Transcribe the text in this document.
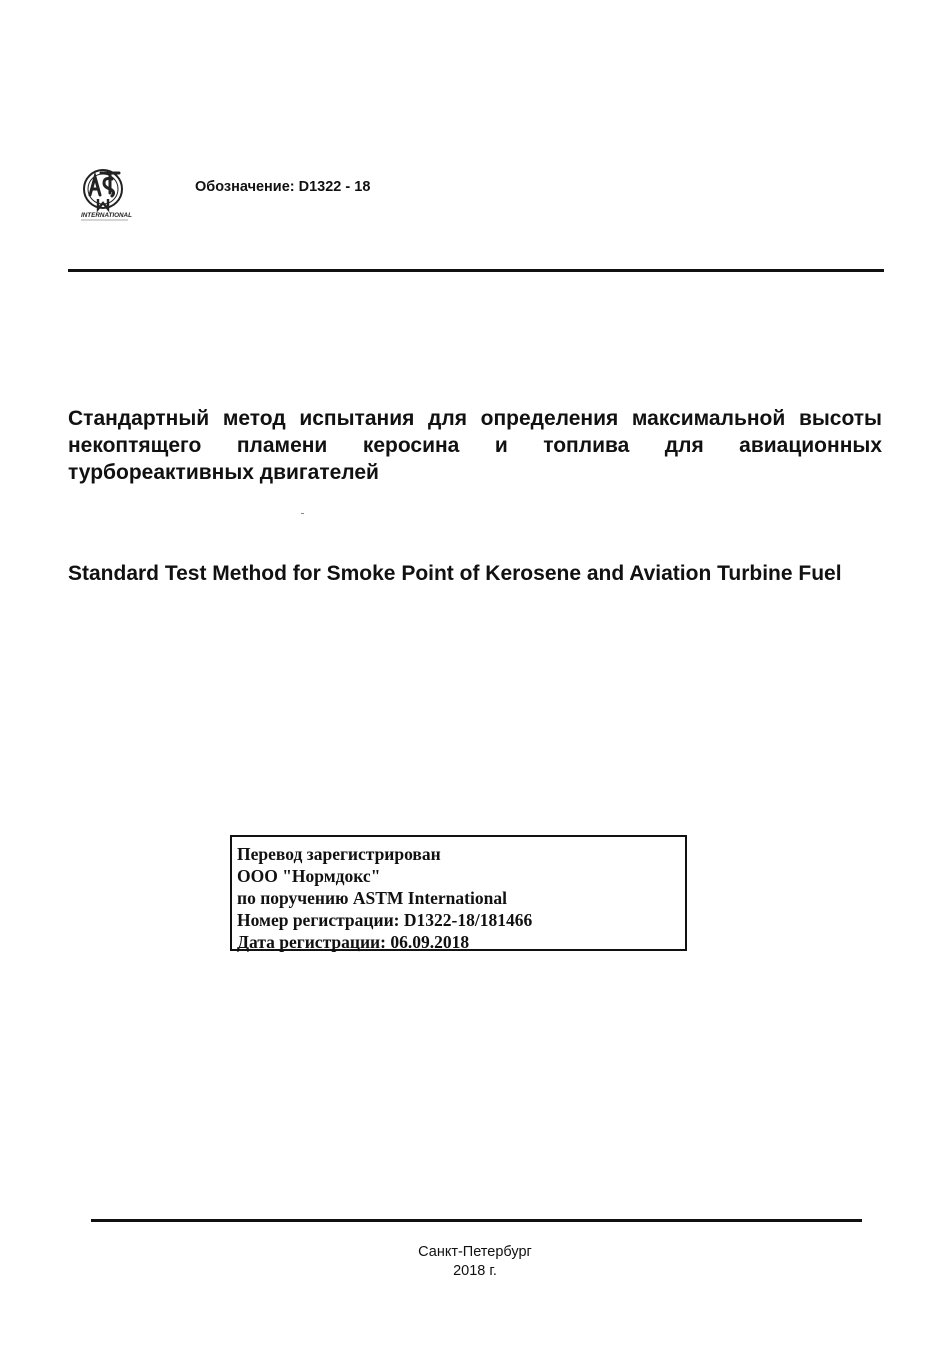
INTERNATIONAL
Обозначение: D1322 - 18

Стандартный метод испытания для определения максимальной высоты некоптящего пламени керосина и топлива для авиационных турбореактивных двигателей

Standard Test Method for Smoke Point of Kerosene and Aviation Turbine Fuel

Перевод зарегистрирован
ООО "Нормдокс"
по поручению ASTM International
Номер регистрации: D1322-18/181466
Дата регистрации: 06.09.2018
Санкт-Петербург
2018 г.
